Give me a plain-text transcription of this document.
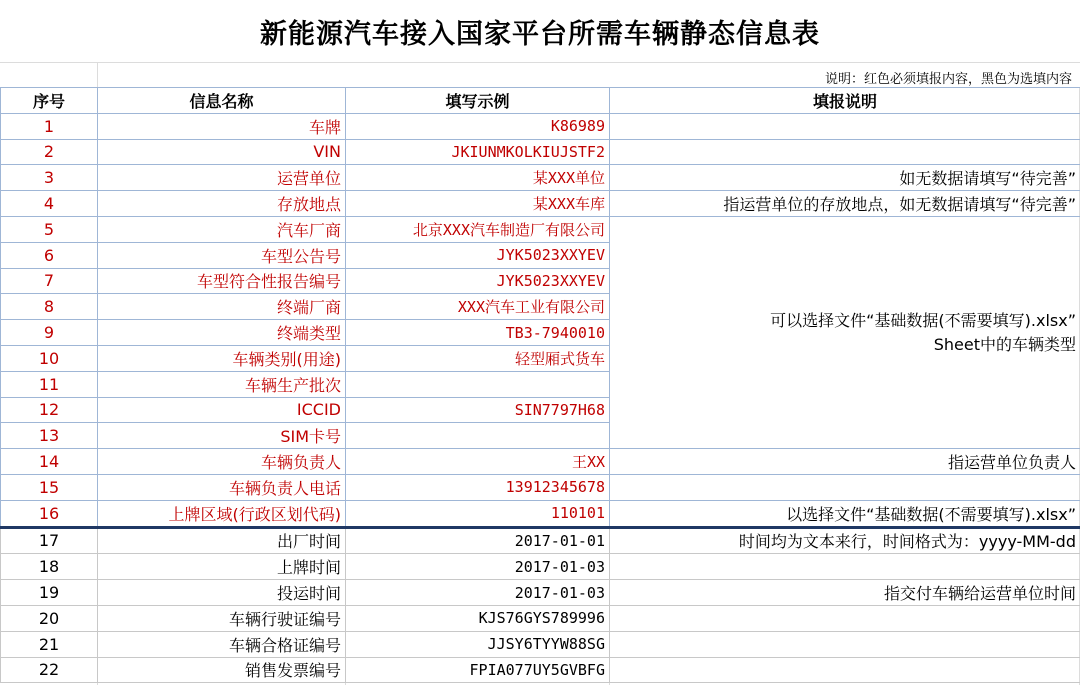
新能源汽车接入国家平台所需车辆静态信息表
说明：红色必须填报内容，黑色为选填内容
序号	信息名称	填写示例	填报说明
1	车牌	K86989	
2	VIN	JKIUNMKOLKIUJSTF2	
3	运营单位	某XXX单位	如无数据请填写“待完善”
4	存放地点	某XXX车库	指运营单位的存放地点，如无数据请填写“待完善”
5	汽车厂商	北京XXX汽车制造厂有限公司	可以选择文件“基础数据(不需要填写).xlsx”
Sheet中的车辆类型

6	车型公告号	JYK5023XXYEV	
7	车型符合性报告编号	JYK5023XXYEV	
8	终端厂商	XXX汽车工业有限公司	
9	终端类型	TB3-7940010	
10	车辆类别(用途)	轻型厢式货车	
11	车辆生产批次		
12	ICCID	SIN7797H68	
13	SIM卡号		
14	车辆负责人	王XX	指运营单位负责人
15	车辆负责人电话	13912345678	
16	上牌区域(行政区划代码)	110101	以选择文件“基础数据(不需要填写).xlsx”
17	出厂时间	2017-01-01	时间均为文本来行，时间格式为：yyyy-MM-dd
18	上牌时间	2017-01-03	
19	投运时间	2017-01-03	指交付车辆给运营单位时间
20	车辆行驶证编号	KJS76GYS789996	
21	车辆合格证编号	JJSY6TYYW88SG	
22	销售发票编号	FPIA077UY5GVBFG	
